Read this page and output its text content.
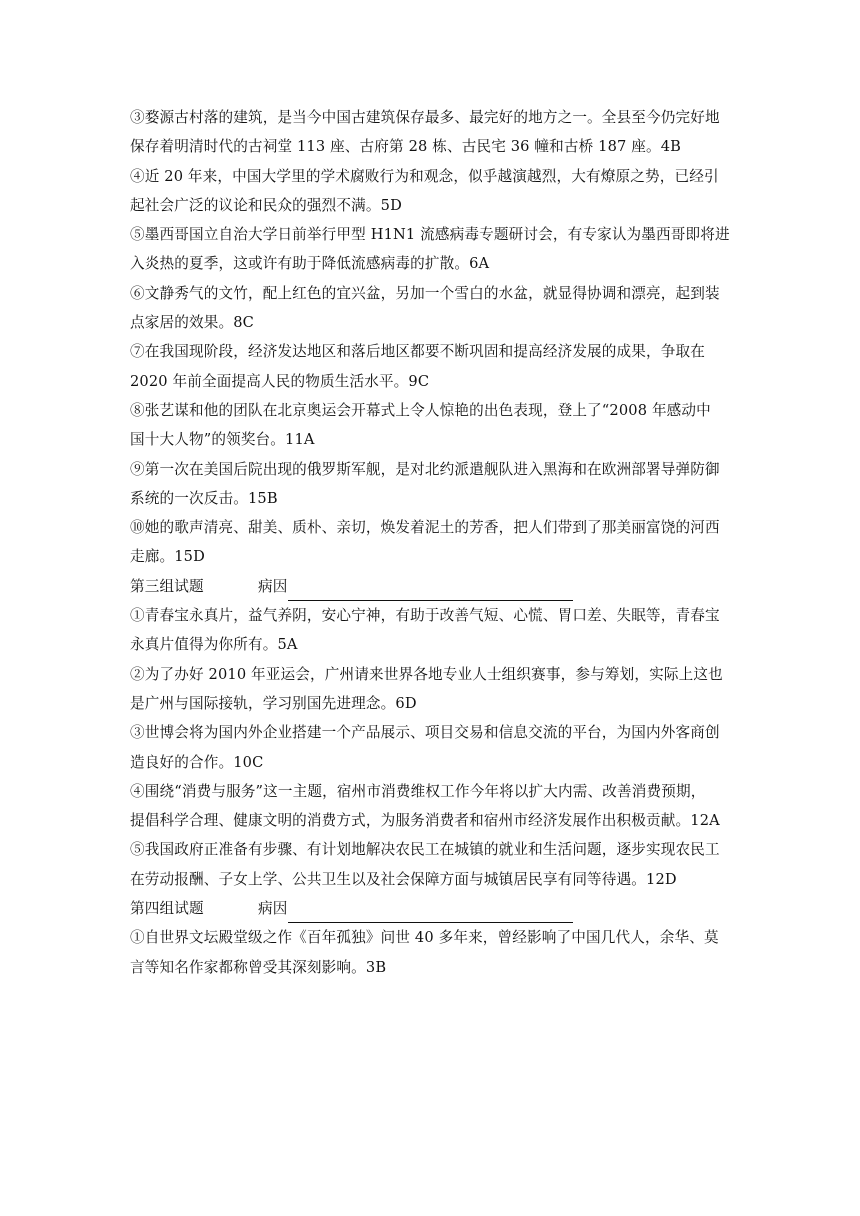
③婺源古村落的建筑，是当今中国古建筑保存最多、最完好的地方之一。全县至今仍完好地
保存着明清时代的古祠堂 113 座、古府第 28 栋、古民宅 36 幢和古桥 187 座。4B
④近 20 年来，中国大学里的学术腐败行为和观念，似乎越演越烈，大有燎原之势，已经引
起社会广泛的议论和民众的强烈不满。5D
⑤墨西哥国立自治大学日前举行甲型 H1N1 流感病毒专题研讨会，有专家认为墨西哥即将进
入炎热的夏季，这或许有助于降低流感病毒的扩散。6A
⑥文静秀气的文竹，配上红色的宜兴盆，另加一个雪白的水盆，就显得协调和漂亮，起到装
点家居的效果。8C
⑦在我国现阶段，经济发达地区和落后地区都要不断巩固和提高经济发展的成果，争取在
2020 年前全面提高人民的物质生活水平。9C
⑧张艺谋和他的团队在北京奥运会开幕式上令人惊艳的出色表现，登上了“2008 年感动中
国十大人物”的领奖台。11A
⑨第一次在美国后院出现的俄罗斯军舰，是对北约派遣舰队进入黑海和在欧洲部署导弹防御
系统的一次反击。15B
⑩她的歌声清亮、甜美、质朴、亲切，焕发着泥土的芳香，把人们带到了那美丽富饶的河西
走廊。15D
第三组试题	病因
①青春宝永真片，益气养阴，安心宁神，有助于改善气短、心慌、胃口差、失眠等，青春宝
永真片值得为你所有。5A
②为了办好 2010 年亚运会，广州请来世界各地专业人士组织赛事，参与筹划，实际上这也
是广州与国际接轨，学习别国先进理念。6D
③世博会将为国内外企业搭建一个产品展示、项目交易和信息交流的平台，为国内外客商创
造良好的合作。10C
④围绕“消费与服务”这一主题，宿州市消费维权工作今年将以扩大内需、改善消费预期，
提倡科学合理、健康文明的消费方式，为服务消费者和宿州市经济发展作出积极贡献。12A
⑤我国政府正准备有步骤、有计划地解决农民工在城镇的就业和生活问题，逐步实现农民工
在劳动报酬、子女上学、公共卫生以及社会保障方面与城镇居民享有同等待遇。12D
第四组试题	病因
①自世界文坛殿堂级之作《百年孤独》问世 40 多年来，曾经影响了中国几代人，余华、莫
言等知名作家都称曾受其深刻影响。3B
